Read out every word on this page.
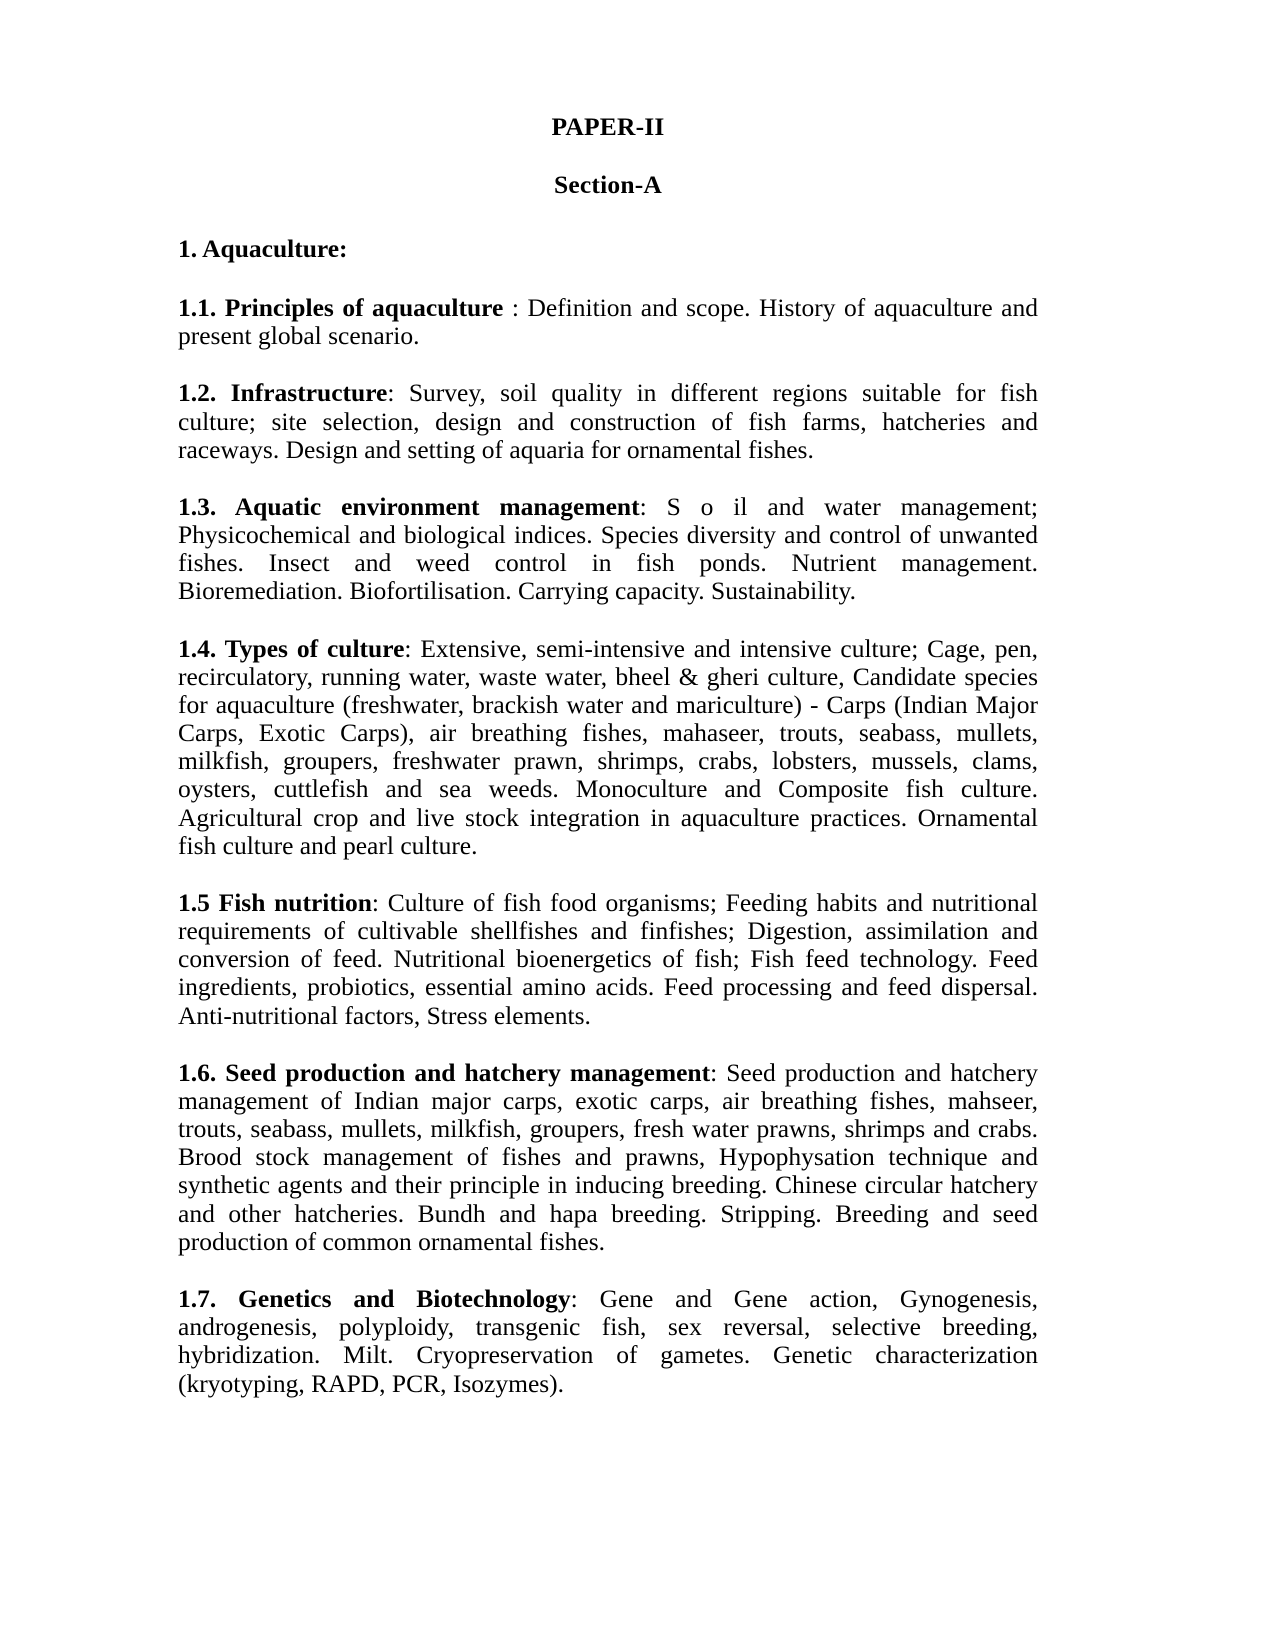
PAPER-II
Section-A
1. Aquaculture:

1.1. Principles of aquaculture : Definition and scope. History of aquaculture and present global scenario.

1.2. Infrastructure: Survey, soil quality in different regions suitable for fish culture; site selection, design and construction of fish farms, hatcheries and raceways. Design and setting of aquaria for ornamental fishes.

1.3. Aquatic environment management: S o il and water management; Physicochemical and biological indices. Species diversity and control of unwanted fishes. Insect and weed control in fish ponds. Nutrient management. Bioremediation. Biofortilisation. Carrying capacity. Sustainability.

1.4. Types of culture: Extensive, semi-intensive and intensive culture; Cage, pen, recirculatory, running water, waste water, bheel & gheri culture, Candidate species for aquaculture (freshwater, brackish water and mariculture) - Carps (Indian Major Carps, Exotic Carps), air breathing fishes, mahaseer, trouts, seabass, mullets, milkfish, groupers, freshwater prawn, shrimps, crabs, lobsters, mussels, clams, oysters, cuttlefish and sea weeds. Monoculture and Composite fish culture. Agricultural crop and live stock integration in aquaculture practices. Ornamental fish culture and pearl culture.

1.5 Fish nutrition: Culture of fish food organisms; Feeding habits and nutritional requirements of cultivable shellfishes and finfishes; Digestion, assimilation and conversion of feed. Nutritional bioenergetics of fish; Fish feed technology. Feed ingredients, probiotics, essential amino acids. Feed processing and feed dispersal. Anti-nutritional factors, Stress elements.

1.6. Seed production and hatchery management: Seed production and hatchery management of Indian major carps, exotic carps, air breathing fishes, mahseer, trouts, seabass, mullets, milkfish, groupers, fresh water prawns, shrimps and crabs. Brood stock management of fishes and prawns, Hypophysation technique and synthetic agents and their principle in inducing breeding. Chinese circular hatchery and other hatcheries. Bundh and hapa breeding. Stripping. Breeding and seed production of common ornamental fishes.

1.7. Genetics and Biotechnology: Gene and Gene action, Gynogenesis, androgenesis, polyploidy, transgenic fish, sex reversal, selective breeding, hybridization. Milt. Cryopreservation of gametes. Genetic characterization (kryotyping, RAPD, PCR, Isozymes).
